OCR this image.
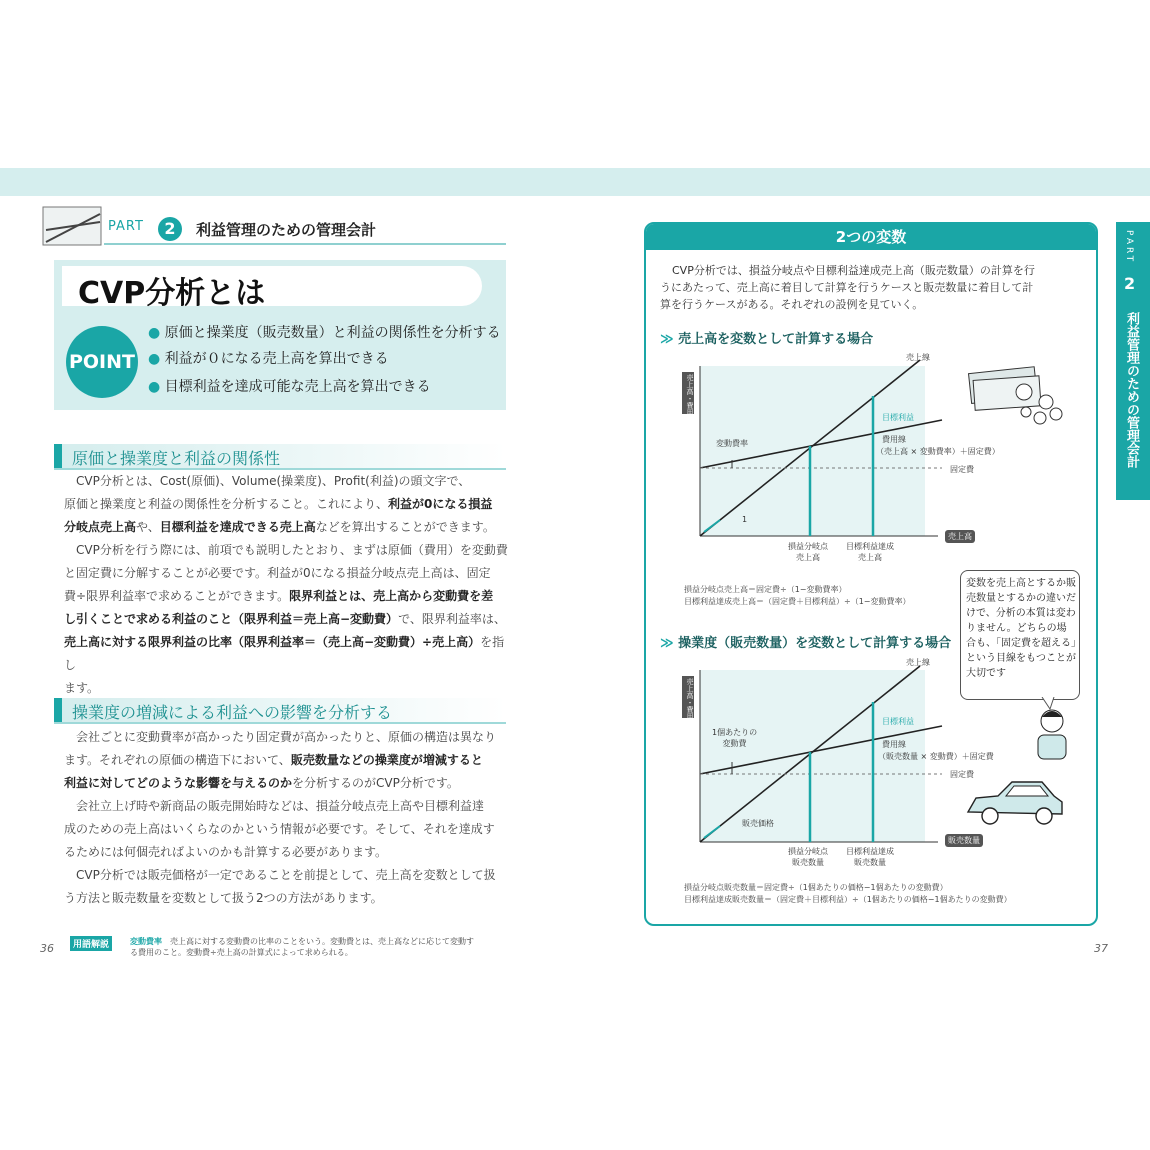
PART	2	利益管理のための管理会計
CVP分析とは
POINT
● 原価と操業度（販売数量）と利益の関係性を分析する
● 利益が０になる売上高を算出できる
● 目標利益を達成可能な売上高を算出できる
原価と操業度と利益の関係性
CVP分析とは、Cost(原価)、Volume(操業度)、Profit(利益)の頭文字で、
原価と操業度と利益の関係性を分析すること。これにより、利益が0になる損益
分岐点売上高や、目標利益を達成できる売上高などを算出することができます。
CVP分析を行う際には、前項でも説明したとおり、まずは原価（費用）を変動費
と固定費に分解することが必要です。利益が0になる損益分岐点売上高は、固定
費÷限界利益率で求めることができます。限界利益とは、売上高から変動費を差
し引くことで求める利益のこと（限界利益＝売上高−変動費）で、限界利益率は、
売上高に対する限界利益の比率（限界利益率＝（売上高−変動費）÷売上高）を指し
ます。
操業度の増減による利益への影響を分析する
会社ごとに変動費率が高かったり固定費が高かったりと、原価の構造は異なり
ます。それぞれの原価の構造下において、販売数量などの操業度が増減すると
利益に対してどのような影響を与えるのかを分析するのがCVP分析です。
会社立上げ時や新商品の販売開始時などは、損益分岐点売上高や目標利益達
成のための売上高はいくらなのかという情報が必要です。そして、それを達成す
るためには何個売ればよいのかも計算する必要があります。
CVP分析では販売価格が一定であることを前提として、売上高を変数として扱
う方法と販売数量を変数として扱う2つの方法があります。
36	用語解説	変動費率　 売上高に対する変動費の比率のことをいう。変動費とは、売上高などに応じて変動す
る費用のこと。変動費÷売上高の計算式によって求められる。
2つの変数
CVP分析では、損益分岐点や目標利益達成売上高（販売数量）の計算を行
うにあたって、売上高に着目して計算を行うケースと販売数量に着目して計
算を行うケースがある。それぞれの設例を見ていく。
≫ 売上高を変数として計算する場合
売上高・費用
売上線
目標利益
費用線
（売上高 × 変動費率）＋固定費）
固定費
変動費率
1
損益分岐点
売上高
目標利益達成
売上高
売上高
損益分岐点売上高＝固定費÷（1−変動費率）
目標利益達成売上高＝（固定費＋目標利益）÷（1−変動費率）
≫ 操業度（販売数量）を変数として計算する場合
売上高・費用
売上線
目標利益
費用線
（販売数量 × 変動費）＋固定費
固定費
1個あたりの
変動費
販売価格
損益分岐点
販売数量
目標利益達成
販売数量
販売数量
損益分岐点販売数量＝固定費÷（1個あたりの価格−1個あたりの変動費）
目標利益達成販売数量＝（固定費＋目標利益）÷（1個あたりの価格−1個あたりの変動費）
変数を売上高とするか販売数量とするかの違いだけで、分析の本質は変わりません。どちらの場合も、「固定費を超える」という目線をもつことが大切です
PART
2
利益管理のための管理会計
37
